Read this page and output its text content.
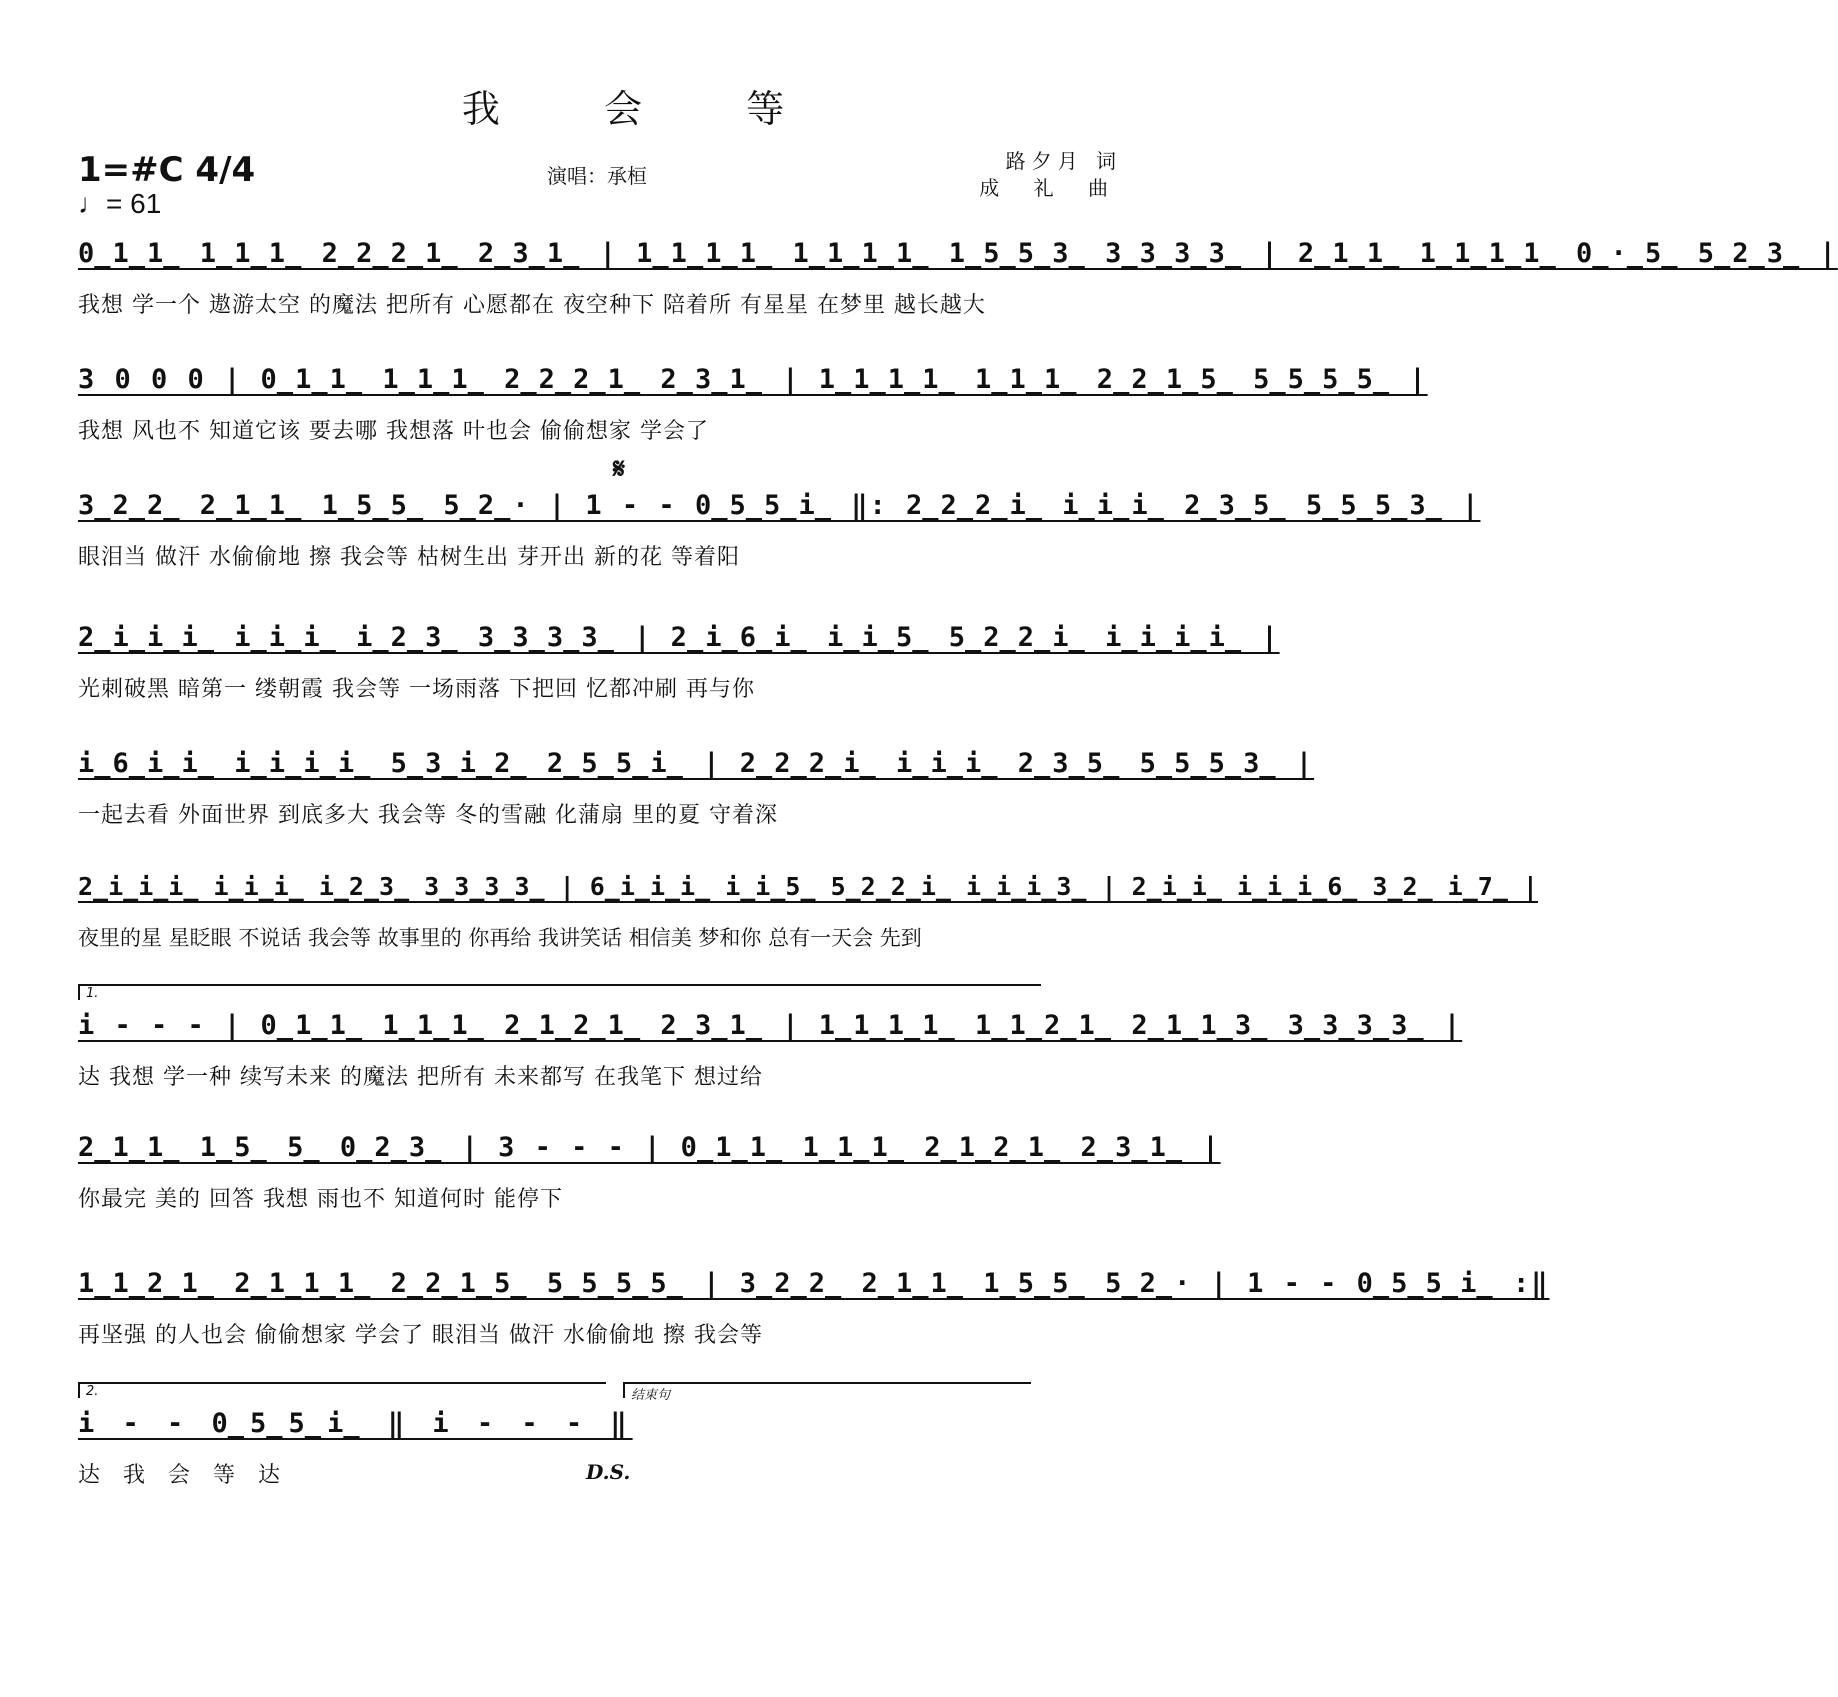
我 会 等
1=#C 4/4
♩= 61
演唱：承桓
路夕月 词
成 礼 曲
0̲1̲1̲ 1̲1̲1̲ 2̲2̲2̲1̲ 2̲3̲1̲ | 1̲1̲1̲1̲ 1̲1̲1̲1̲ 1̲5̲5̲3̲ 3̲3̲3̲3̲ | 2̲1̲1̲ 1̲1̲1̲1̲ 0̲·̲5̲ 5̲2̲3̲ |
我想 学一个 遨游太空 的魔法 把所有 心愿都在 夜空种下 陪着所 有星星 在梦里 越长越大
3 0 0 0 | 0̲1̲1̲ 1̲1̲1̲ 2̲2̲2̲1̲ 2̲3̲1̲ | 1̲1̲1̲1̲ 1̲1̲1̲ 2̲2̲1̲5̲ 5̲5̲5̲5̲ |
我想 风也不 知道它该 要去哪 我想落 叶也会 偷偷想家 学会了
𝄋
3̲2̲2̲ 2̲1̲1̲ 1̲5̲5̲ 5̲2̲· | 1 - - 0̲5̲5̲i̲ ‖: 2̲2̲2̲i̲ i̲i̲i̲ 2̲3̲5̲ 5̲5̲5̲3̲ |
眼泪当 做汗 水偷偷地 擦 我会等 枯树生出 芽开出 新的花 等着阳
2̲i̲i̲i̲ i̲i̲i̲ i̲2̲3̲ 3̲3̲3̲3̲ | 2̲i̲6̲i̲ i̲i̲5̲ 5̲2̲2̲i̲ i̲i̲i̲i̲ |
光刺破黑 暗第一 缕朝霞 我会等 一场雨落 下把回 忆都冲刷 再与你
i̲6̲i̲i̲ i̲i̲i̲i̲ 5̲3̲i̲2̲ 2̲5̲5̲i̲ | 2̲2̲2̲i̲ i̲i̲i̲ 2̲3̲5̲ 5̲5̲5̲3̲ |
一起去看 外面世界 到底多大 我会等 冬的雪融 化蒲扇 里的夏 守着深
2̲i̲i̲i̲ i̲i̲i̲ i̲2̲3̲ 3̲3̲3̲3̲ | 6̲i̲i̲i̲ i̲i̲5̲ 5̲2̲2̲i̲ i̲i̲i̲3̲ | 2̲i̲i̲ i̲i̲i̲6̲ 3̲2̲ i̲7̲ |
夜里的星 星眨眼 不说话 我会等 故事里的 你再给 我讲笑话 相信美 梦和你 总有一天会 先到
1.
i - - - | 0̲1̲1̲ 1̲1̲1̲ 2̲1̲2̲1̲ 2̲3̲1̲ | 1̲1̲1̲1̲ 1̲1̲2̲1̲ 2̲1̲1̲3̲ 3̲3̲3̲3̲ |
达 我想 学一种 续写未来 的魔法 把所有 未来都写 在我笔下 想过给
2̲1̲1̲ 1̲5̲ 5̲ 0̲2̲3̲ | 3 - - - | 0̲1̲1̲ 1̲1̲1̲ 2̲1̲2̲1̲ 2̲3̲1̲ |
你最完 美的 回答 我想 雨也不 知道何时 能停下
1̲1̲2̲1̲ 2̲1̲1̲1̲ 2̲2̲1̲5̲ 5̲5̲5̲5̲ | 3̲2̲2̲ 2̲1̲1̲ 1̲5̲5̲ 5̲2̲· | 1 - - 0̲5̲5̲i̲ :‖
再坚强 的人也会 偷偷想家 学会了 眼泪当 做汗 水偷偷地 擦 我会等
2.	结束句
i - - 0̲5̲5̲i̲ ‖ i - - - ‖
达 我 会 等 达	D.S.
